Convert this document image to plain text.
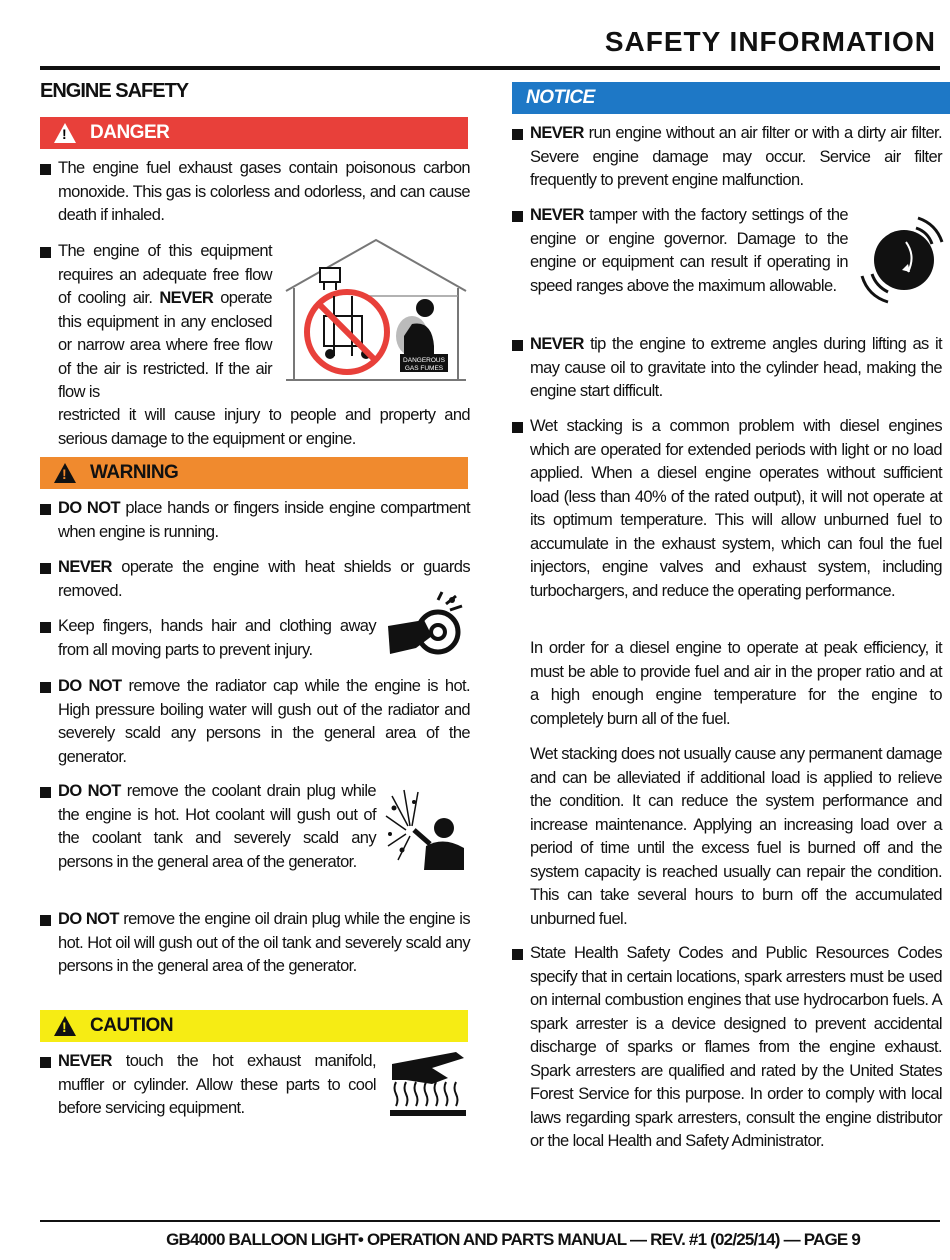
SAFETY INFORMATION
ENGINE SAFETY
!
DANGER
The engine fuel exhaust gases contain poisonous carbon monoxide. This gas is colorless and odorless, and can cause death if inhaled.
The engine of this equipment requires an adequate free flow of cooling air. NEVER operate this equipment in any enclosed or narrow area where free flow of the air is restricted. If the air flow is
restricted it will cause injury to people and property and serious damage to the equipment or engine.
DANGEROUS
GAS FUMES
!
WARNING
DO NOT place hands or fingers inside engine compartment when engine is running.
NEVER operate the engine with heat shields or guards removed.
Keep fingers, hands hair and clothing away from all moving parts to prevent injury.
DO NOT remove the radiator cap while the engine is hot. High pressure boiling water will gush out of the radiator and severely scald any persons in the general area of the generator.
DO NOT remove the coolant drain plug while the engine is hot. Hot coolant will gush out of the coolant tank and severely scald any persons in the general area of the generator.
DO NOT remove the engine oil drain plug while the engine is hot. Hot oil will gush out of the oil tank and severely scald any persons in the general area of the generator.
!
CAUTION
NEVER touch the hot exhaust manifold, muffler or cylinder. Allow these parts to cool before servicing equipment.
NOTICE
NEVER run engine without an air filter or with a dirty air filter. Severe engine damage may occur. Service air filter frequently to prevent engine malfunction.
NEVER tamper with the factory settings of the engine or engine governor. Damage to the engine or equipment can result if operating in speed ranges above the maximum allowable.
NEVER tip the engine to extreme angles during lifting as it may cause oil to gravitate into the cylinder head, making the engine start difficult.
Wet stacking is a common problem with diesel engines which are operated for extended periods with light or no load applied. When a diesel engine operates without sufficient load (less than 40% of the rated output), it will not operate at its optimum temperature. This will allow unburned fuel to accumulate in the exhaust system, which can foul the fuel injectors, engine valves and exhaust system, including turbochargers, and reduce the operating performance.
In order for a diesel engine to operate at peak efficiency, it must be able to provide fuel and air in the proper ratio and at a high enough engine temperature for the engine to completely burn all of the fuel.
Wet stacking does not usually cause any permanent damage and can be alleviated if additional load is applied to relieve the condition. It can reduce the system performance and increase maintenance. Applying an increasing load over a period of time until the excess fuel is burned off and the system capacity is reached usually can repair the condition. This can take several hours to burn off the accumulated unburned fuel.
State Health Safety Codes and Public Resources Codes specify that in certain locations, spark arresters must be used on internal combustion engines that use hydrocarbon fuels. A spark arrester is a device designed to prevent accidental discharge of sparks or flames from the engine exhaust. Spark arresters are qualified and rated by the United States Forest Service for this purpose. In order to comply with local laws regarding spark arresters, consult the engine distributor or the local Health and Safety Administrator.
GB4000 BALLOON LIGHT• OPERATION AND PARTS MANUAL — REV. #1 (02/25/14) — PAGE 9
